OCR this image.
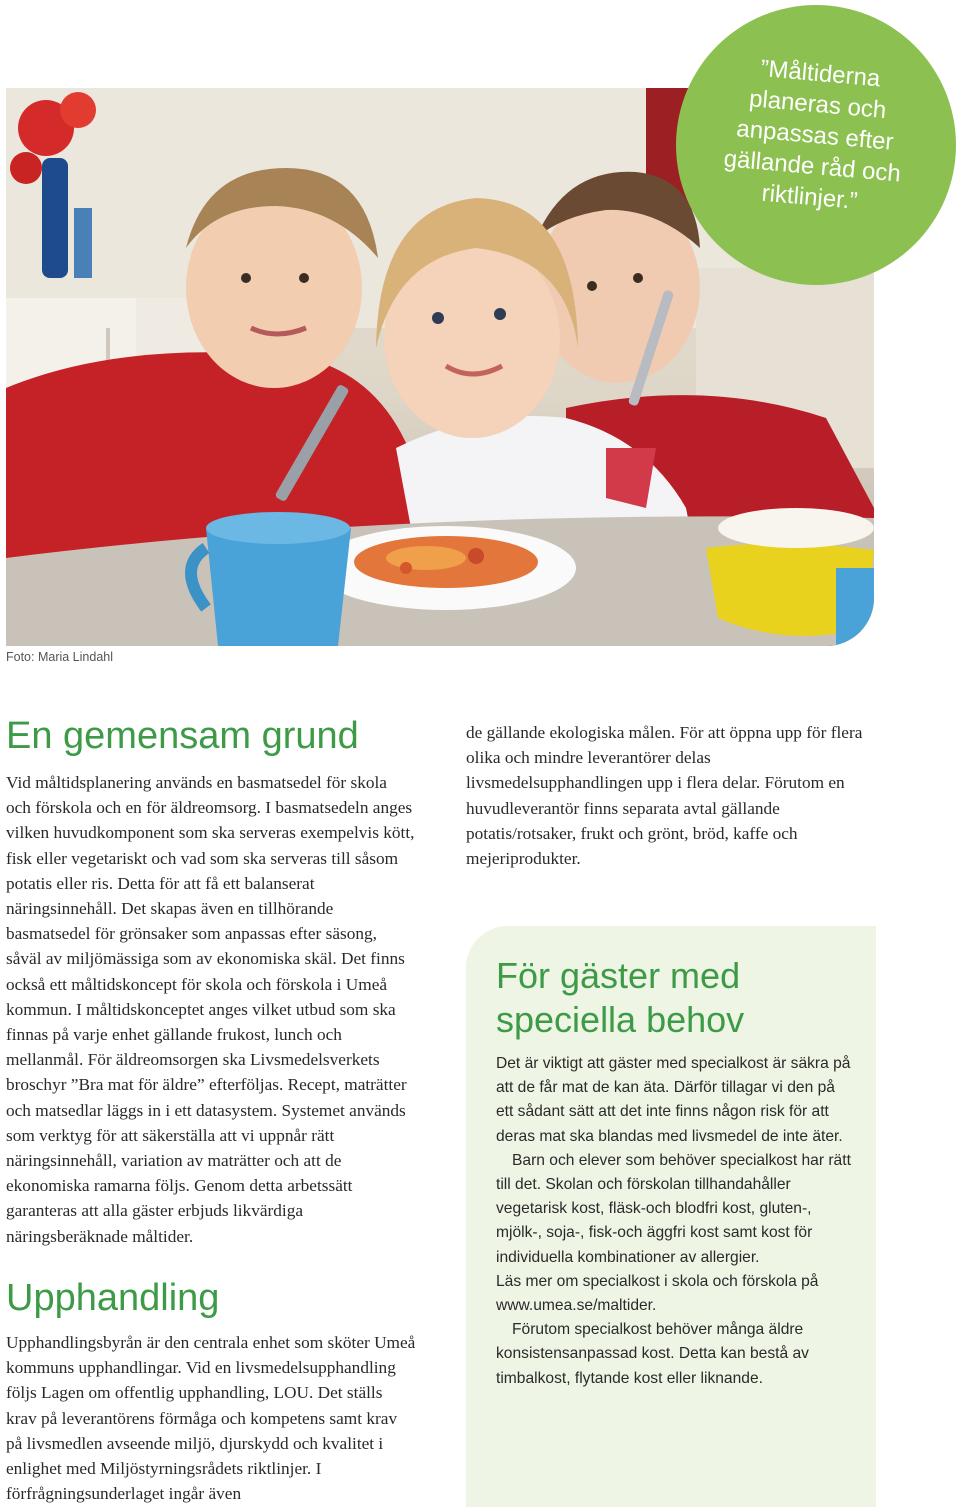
”Måltiderna planeras och anpassas efter gällande råd och riktlinjer.”
Foto: Maria Lindahl
En gemensam grund

Vid måltidsplanering används en basmatsedel för skola och förskola och en för äldreomsorg. I basmatsedeln anges vilken huvudkomponent som ska serveras exempelvis kött, fisk eller vegetariskt och vad som ska serveras till såsom potatis eller ris. Detta för att få ett balanserat näringsinnehåll. Det skapas även en tillhörande basmatsedel för grönsaker som anpassas efter säsong, såväl av miljömässiga som av ekonomiska skäl. Det finns också ett måltidskoncept för skola och förskola i Umeå kommun. I måltidskonceptet anges vilket utbud som ska finnas på varje enhet gällande frukost, lunch och mellanmål. För äldreomsorgen ska Livsmedelsverkets broschyr ”Bra mat för äldre” efterföljas. Recept, maträtter och matsedlar läggs in i ett datasystem. Systemet används som verktyg för att säkerställa att vi uppnår rätt näringsinnehåll, variation av maträtter och att de ekonomiska ramarna följs. Genom detta arbetssätt garanteras att alla gäster erbjuds likvärdiga näringsberäknade måltider.

Upphandling

Upphandlingsbyrån är den centrala enhet som sköter Umeå kommuns upphandlingar. Vid en livsmedelsupphandling följs Lagen om offentlig upphandling, LOU. Det ställs krav på leverantörens förmåga och kompetens samt krav på livsmedlen avseende miljö, djurskydd och kvalitet i enlighet med Miljöstyrningsrådets riktlinjer. I förfrågningsunderlaget ingår även

de gällande ekologiska målen. För att öppna upp för flera olika och mindre leverantörer delas livsmedelsupphandlingen upp i flera delar. Förutom en huvudleverantör finns separata avtal gällande potatis/rotsaker, frukt och grönt, bröd, kaffe och mejeriprodukter.

För gäster med
speciella behov

Det är viktigt att gäster med specialkost är säkra på att de får mat de kan äta. Därför tillagar vi den på ett sådant sätt att det inte finns någon risk för att deras mat ska blandas med livsmedel de inte äter.

Barn och elever som behöver specialkost har rätt till det. Skolan och förskolan tillhandahåller vegetarisk kost, fläsk-och blodfri kost, gluten-, mjölk-, soja-, fisk-och äggfri kost samt kost för individuella kombinationer av allergier.

Läs mer om specialkost i skola och förskola på www.umea.se/maltider.

Förutom specialkost behöver många äldre konsistensanpassad kost. Detta kan bestå av timbalkost, flytande kost eller liknande.
